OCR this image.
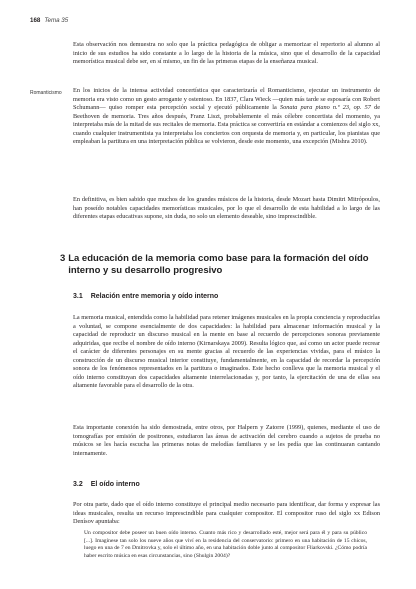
168 Tema 35
Romanticismo

Esta observación nos demuestra no solo que la práctica pedagógica de obligar a memorizar el repertorio al alumno al inicio de sus estudios ha sido constante a lo largo de la historia de la música, sino que el desarrollo de la capacidad memorística musical debe ser, en sí mismo, un fin de las primeras etapas de la enseñanza musical.

En los inicios de la intensa actividad concertística que caracterizaría el Romanticismo, ejecutar un instrumento de memoria era visto como un gesto arrogante y ostentoso. En 1837, Clara Wieck —quien más tarde se esposaría con Robert Schumann— quiso romper esta percepción social y ejecutó públicamente la Sonata para piano n.º 23, op. 57 de Beethoven de memoria. Tres años después, Franz Liszt, probablemente el más célebre concertista del momento, ya interpretaba más de la mitad de sus recitales de memoria. Esta práctica se convertiría en estándar a comienzos del siglo xx, cuando cualquier instrumentista ya interpretaba los conciertos con orquesta de memoria y, en particular, los pianistas que empleaban la partitura en una interpretación pública se volvieron, desde este momento, una excepción (Mishra 2010).

En definitiva, es bien sabido que muchos de los grandes músicos de la historia, desde Mozart hasta Dimitri Mitrópoulos, han poseído notables capacidades memorísticas musicales, por lo que el desarrollo de esta habilidad a lo largo de las diferentes etapas educativas supone, sin duda, no solo un elemento deseable, sino imprescindible.

3 La educación de la memoria como base para la formación del oído interno y su desarrollo progresivo

3.1 Relación entre memoria y oído interno

La memoria musical, entendida como la habilidad para retener imágenes musicales en la propia conciencia y reproducirlas a voluntad, se compone esencialmente de dos capacidades: la habilidad para almacenar información musical y la capacidad de reproducir un discurso musical en la mente en base al recuerdo de percepciones sonoras previamente adquiridas, que recibe el nombre de oído interno (Kirnarskaya 2009). Resulta lógico que, así como un actor puede recrear el carácter de diferentes personajes en su mente gracias al recuerdo de las experiencias vividas, para el músico la construcción de un discurso musical interior constituye, fundamentalmente, en la capacidad de recordar la percepción sonora de los fenómenos representados en la partitura o imaginados. Este hecho conlleva que la memoria musical y el oído interno constituyan dos capacidades altamente interrelacionadas y, por tanto, la ejercitación de una de ellas sea altamente favorable para el desarrollo de la otra.

Esta importante conexión ha sido demostrada, entre otros, por Halpern y Zatorre (1999), quienes, mediante el uso de tomografías por emisión de positrones, estudiaron las áreas de activación del cerebro cuando a sujetos de prueba no músicos se les hacía escucha las primeras notas de melodías familiares y se les pedía que las continuaran cantando internamente.

3.2 El oído interno

Por otra parte, dado que el oído interno constituye el principal medio necesario para identificar, dar forma y expresar las ideas musicales, resulta un recurso imprescindible para cualquier compositor. El compositor ruso del siglo xx Edison Denísov apuntaba:

Un compositor debe poseer un buen oído interno. Cuanto más rico y desarrollado esté, mejor será para él y para su público [...]. Imagínese tan solo los nueve años que viví en la residencia del conservatorio: primero en una habitación de 15 chicos, luego en una de 7 en Dmitrovka y, solo el último año, en una habitación doble junto al compositor Fliarkovski. ¿Cómo podría haber escrito música en esas circunstancias, sino (Shulgin 2004)?
